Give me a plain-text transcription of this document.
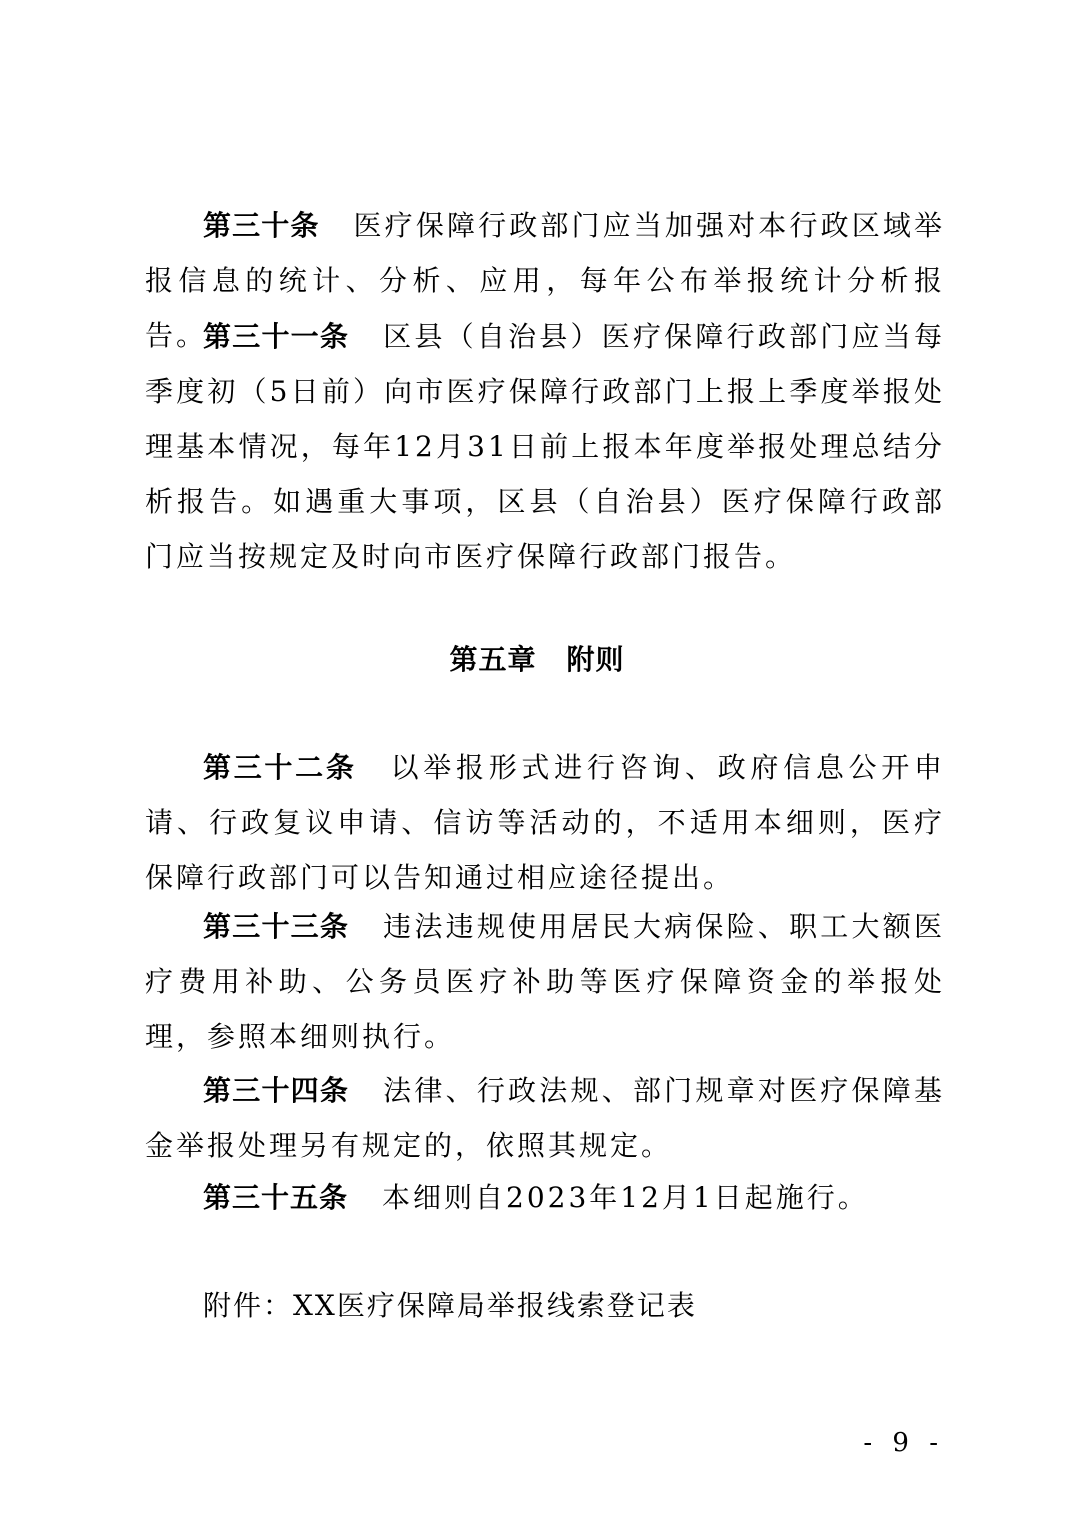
第三十条 医疗保障行政部门应当加强对本行政区域举报信息的统计、分析、应用，每年公布举报统计分析报告。

第三十一条 区县（自治县）医疗保障行政部门应当每季度初（5日前）向市医疗保障行政部门上报上季度举报处理基本情况，每年12月31日前上报本年度举报处理总结分析报告。如遇重大事项，区县（自治县）医疗保障行政部门应当按规定及时向市医疗保障行政部门报告。

第五章 附则

第三十二条 以举报形式进行咨询、政府信息公开申请、行政复议申请、信访等活动的，不适用本细则，医疗保障行政部门可以告知通过相应途径提出。

第三十三条 违法违规使用居民大病保险、职工大额医疗费用补助、公务员医疗补助等医疗保障资金的举报处理，参照本细则执行。

第三十四条 法律、行政法规、部门规章对医疗保障基金举报处理另有规定的，依照其规定。

第三十五条 本细则自2023年12月1日起施行。

附件：XX医疗保障局举报线索登记表

- 9 -
